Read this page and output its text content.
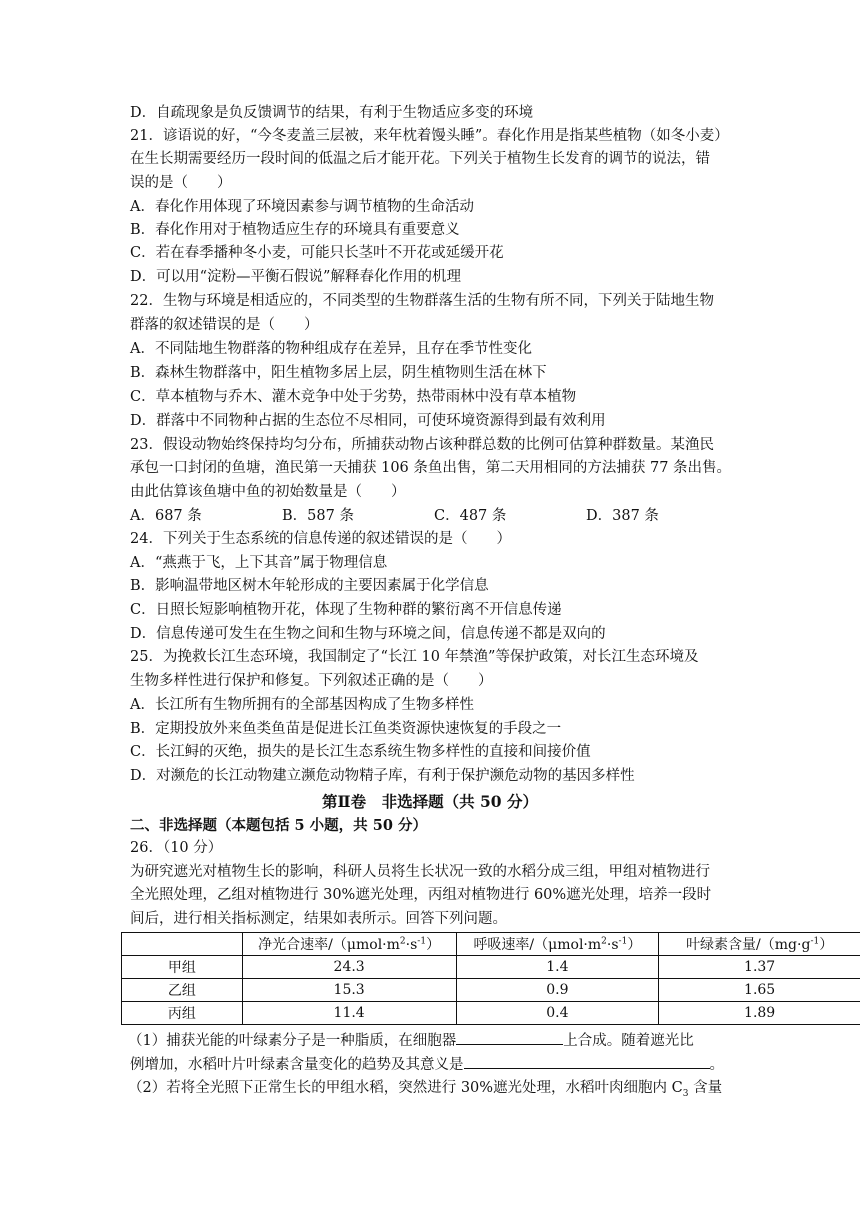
D．自疏现象是负反馈调节的结果，有利于生物适应多变的环境
21．谚语说的好，“今冬麦盖三层被，来年枕着馒头睡”。春化作用是指某些植物（如冬小麦）
在生长期需要经历一段时间的低温之后才能开花。下列关于植物生长发育的调节的说法，错
误的是（　　）
A．春化作用体现了环境因素参与调节植物的生命活动
B．春化作用对于植物适应生存的环境具有重要意义
C．若在春季播种冬小麦，可能只长茎叶不开花或延缓开花
D．可以用“淀粉—平衡石假说”解释春化作用的机理
22．生物与环境是相适应的，不同类型的生物群落生活的生物有所不同，下列关于陆地生物
群落的叙述错误的是（　　）
A．不同陆地生物群落的物种组成存在差异，且存在季节性变化
B．森林生物群落中，阳生植物多居上层，阴生植物则生活在林下
C．草本植物与乔木、灌木竞争中处于劣势，热带雨林中没有草本植物
D．群落中不同物种占据的生态位不尽相同，可使环境资源得到最有效利用
23．假设动物始终保持均匀分布，所捕获动物占该种群总数的比例可估算种群数量。某渔民
承包一口封闭的鱼塘，渔民第一天捕获 106 条鱼出售，第二天用相同的方法捕获 77 条出售。
由此估算该鱼塘中鱼的初始数量是（　　）
A．687 条	B．587 条	C．487 条	D．387 条
24．下列关于生态系统的信息传递的叙述错误的是（　　）
A．“燕燕于飞，上下其音”属于物理信息
B．影响温带地区树木年轮形成的主要因素属于化学信息
C．日照长短影响植物开花，体现了生物种群的繁衍离不开信息传递
D．信息传递可发生在生物之间和生物与环境之间，信息传递不都是双向的
25．为挽救长江生态环境，我国制定了“长江 10 年禁渔”等保护政策，对长江生态环境及
生物多样性进行保护和修复。下列叙述正确的是（　　）
A．长江所有生物所拥有的全部基因构成了生物多样性
B．定期投放外来鱼类鱼苗是促进长江鱼类资源快速恢复的手段之一
C．长江鲟的灭绝，损失的是长江生态系统生物多样性的直接和间接价值
D．对濒危的长江动物建立濒危动物精子库，有利于保护濒危动物的基因多样性
第Ⅱ卷　非选择题（共 50 分）
二、非选择题（本题包括 5 小题，共 50 分）
26．（10 分）
为研究遮光对植物生长的影响，科研人员将生长状况一致的水稻分成三组，甲组对植物进行
全光照处理，乙组对植物进行 30%遮光处理，丙组对植物进行 60%遮光处理，培养一段时
间后，进行相关指标测定，结果如表所示。回答下列问题。
	净光合速率$/(\mu mol\cdot m^2\cdot s^{-1})$	呼吸速率$/(\mu mol\cdot m^2\cdot s^{-1})$	叶绿素含量$/(mg\cdot g^{-1})$
甲组	24.3	1.4	1.37
乙组	15.3	0.9	1.65
丙组	11.4	0.4	1.89
（1）捕获光能的叶绿素分子是一种脂质，在细胞器	上合成。随着遮光比
例增加，水稻叶片叶绿素含量变化的趋势及其意义是	。
（2）若将全光照下正常生长的甲组水稻，突然进行 30%遮光处理，水稻叶肉细胞内 $C_3$ 含量
